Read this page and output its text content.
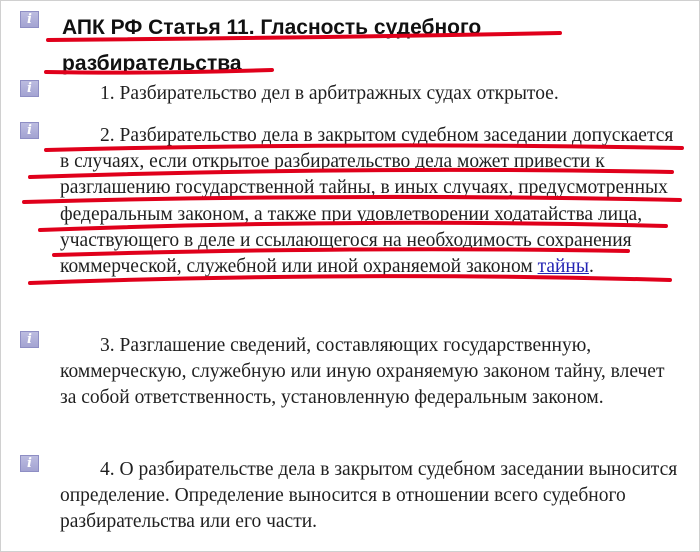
i
i
i
i
i
АПК РФ Статья 11. Гласность судебного разбирательства
1. Разбирательство дел в арбитражных судах открытое.
2. Разбирательство дела в закрытом судебном заседании допускается в случаях, если открытое разбирательство дела может привести к разглашению государственной тайны, в иных случаях, предусмотренных федеральным законом, а также при удовлетворении ходатайства лица, участвующего в деле и ссылающегося на необходимость сохранения коммерческой, служебной или иной охраняемой законом тайны.
3. Разглашение сведений, составляющих государственную, коммерческую, служебную или иную охраняемую законом тайну, влечет за собой ответственность, установленную федеральным законом.
4. О разбирательстве дела в закрытом судебном заседании выносится определение. Определение выносится в отношении всего судебного разбирательства или его части.
